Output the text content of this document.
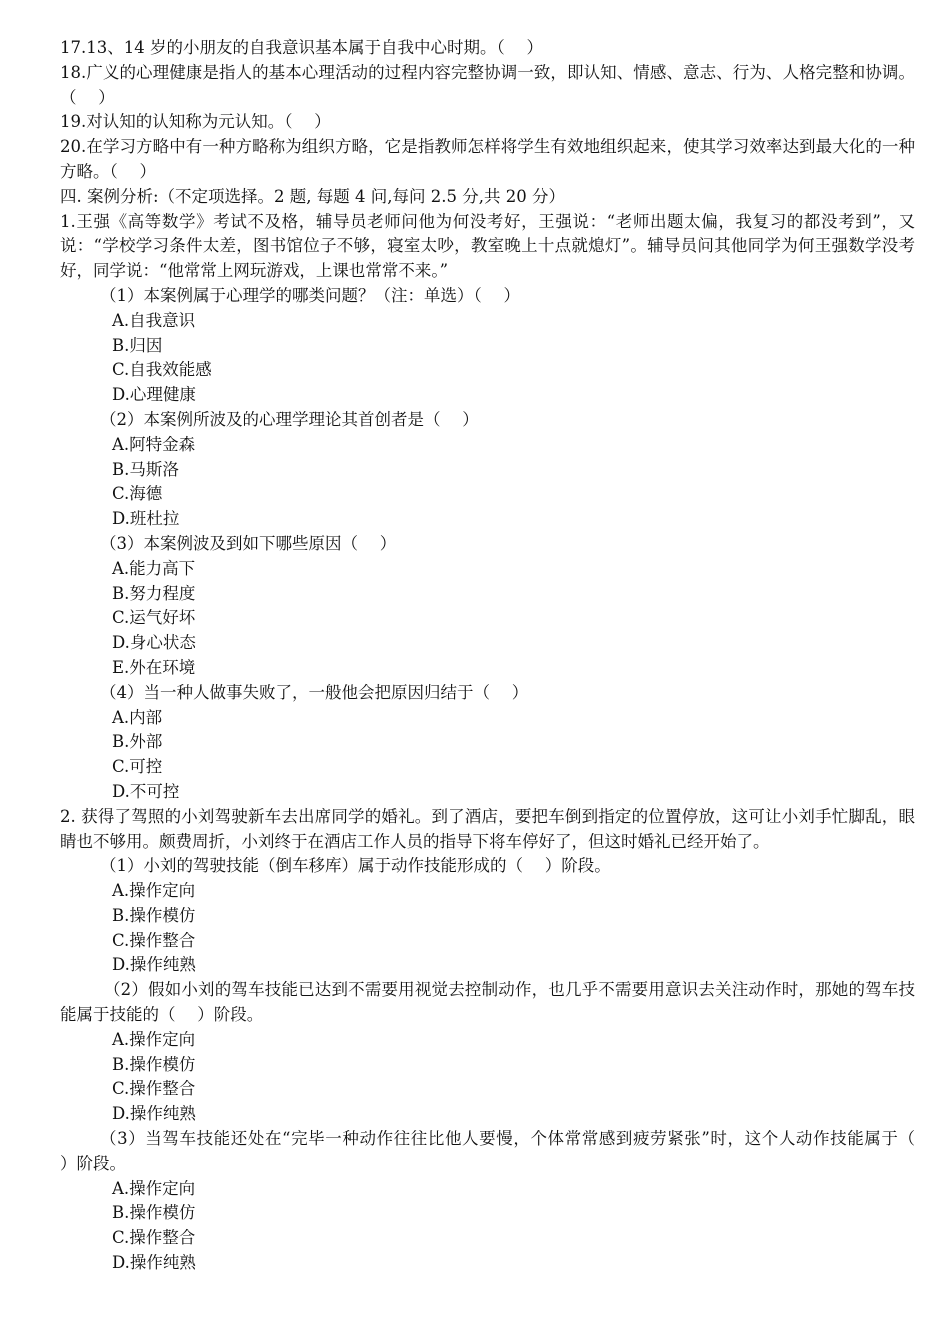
17.13、14 岁的小朋友的自我意识基本属于自我中心时期。（　 ）
18.广义的心理健康是指人的基本心理活动的过程内容完整协调一致，即认知、情感、意志、行为、人格完整和协调。（　 ）
19.对认知的认知称为元认知。（　 ）
20.在学习方略中有一种方略称为组织方略，它是指教师怎样将学生有效地组织起来，使其学习效率达到最大化的一种方略。（　 ）
四. 案例分析:（不定项选择。2 题, 每题 4 问,每问 2.5 分,共 20 分）
1.王强《高等数学》考试不及格，辅导员老师问他为何没考好，王强说：“老师出题太偏，我复习的都没考到”，又说：“学校学习条件太差，图书馆位子不够，寝室太吵，教室晚上十点就熄灯”。辅导员问其他同学为何王强数学没考好，同学说：“他常常上网玩游戏，上课也常常不来。”
（1）本案例属于心理学的哪类问题？（注：单选）（　 ）
A.自我意识
B.归因
C.自我效能感
D.心理健康
（2）本案例所波及的心理学理论其首创者是（　 ）
A.阿特金森
B.马斯洛
C.海德
D.班杜拉
（3）本案例波及到如下哪些原因（　 ）
A.能力高下
B.努力程度
C.运气好坏
D.身心状态
E.外在环境
（4）当一种人做事失败了，一般他会把原因归结于（　 ）
A.内部
B.外部
C.可控
D.不可控
2. 获得了驾照的小刘驾驶新车去出席同学的婚礼。到了酒店，要把车倒到指定的位置停放，这可让小刘手忙脚乱，眼睛也不够用。颇费周折，小刘终于在酒店工作人员的指导下将车停好了，但这时婚礼已经开始了。
（1）小刘的驾驶技能（倒车移库）属于动作技能形成的（　 ）阶段。
A.操作定向
B.操作模仿
C.操作整合
D.操作纯熟
（2）假如小刘的驾车技能已达到不需要用视觉去控制动作，也几乎不需要用意识去关注动作时，那她的驾车技能属于技能的（　 ）阶段。
A.操作定向
B.操作模仿
C.操作整合
D.操作纯熟
（3）当驾车技能还处在“完毕一种动作往往比他人要慢，个体常常感到疲劳紧张”时，这个人动作技能属于（　 ）阶段。
A.操作定向
B.操作模仿
C.操作整合
D.操作纯熟
